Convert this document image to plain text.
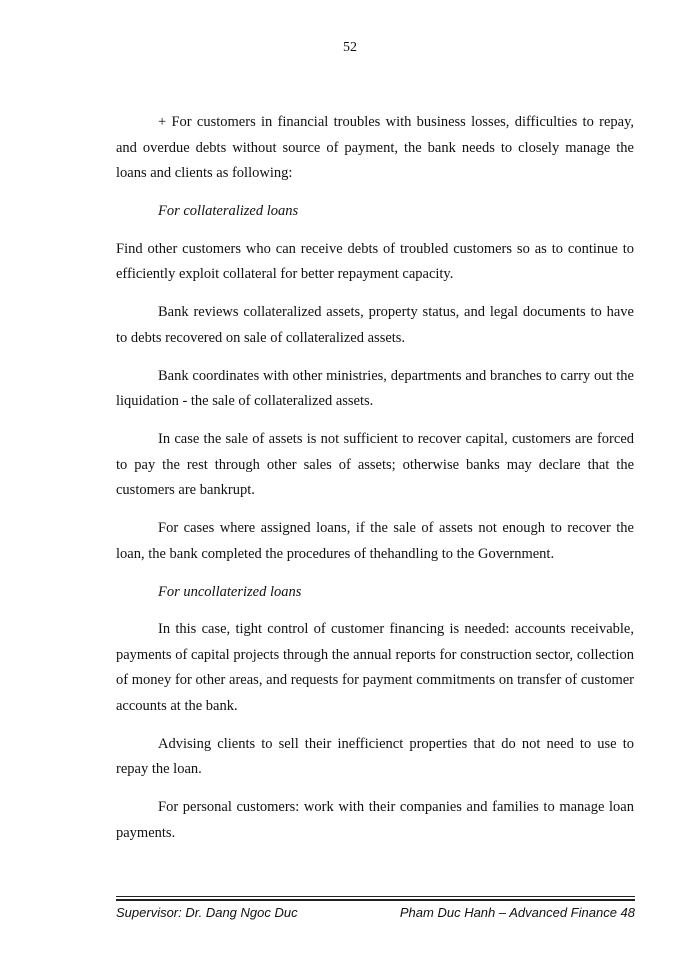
52

+ For customers in financial troubles with business losses, difficulties to repay, and overdue debts without source of payment, the bank needs to closely manage the loans and clients as following:

For collateralized loans

Find other customers who can receive debts of troubled customers so as to continue to efficiently exploit collateral for better repayment capacity.

Bank reviews collateralized assets, property status, and legal documents to have to debts recovered on sale of collateralized assets.

Bank coordinates with other ministries, departments and branches to carry out the liquidation - the sale of collateralized assets.

In case the sale of assets is not sufficient to recover capital, customers are forced to pay the rest through other sales of assets; otherwise banks may declare that the customers are bankrupt.

For cases where assigned loans, if the sale of assets not enough to recover the loan, the bank completed the procedures of thehandling to the Government.

For uncollaterized loans

In this case, tight control of customer financing is needed: accounts receivable, payments of capital projects through the annual reports for construction sector, collection of money for other areas, and requests for payment commitments on transfer of customer accounts at the bank.

Advising clients to sell their inefficienct properties that do not need to use to repay the loan.

For personal customers: work with their companies and families to manage loan payments.

Supervisor: Dr. Dang Ngoc Duc	Pham Duc Hanh – Advanced Finance 48
